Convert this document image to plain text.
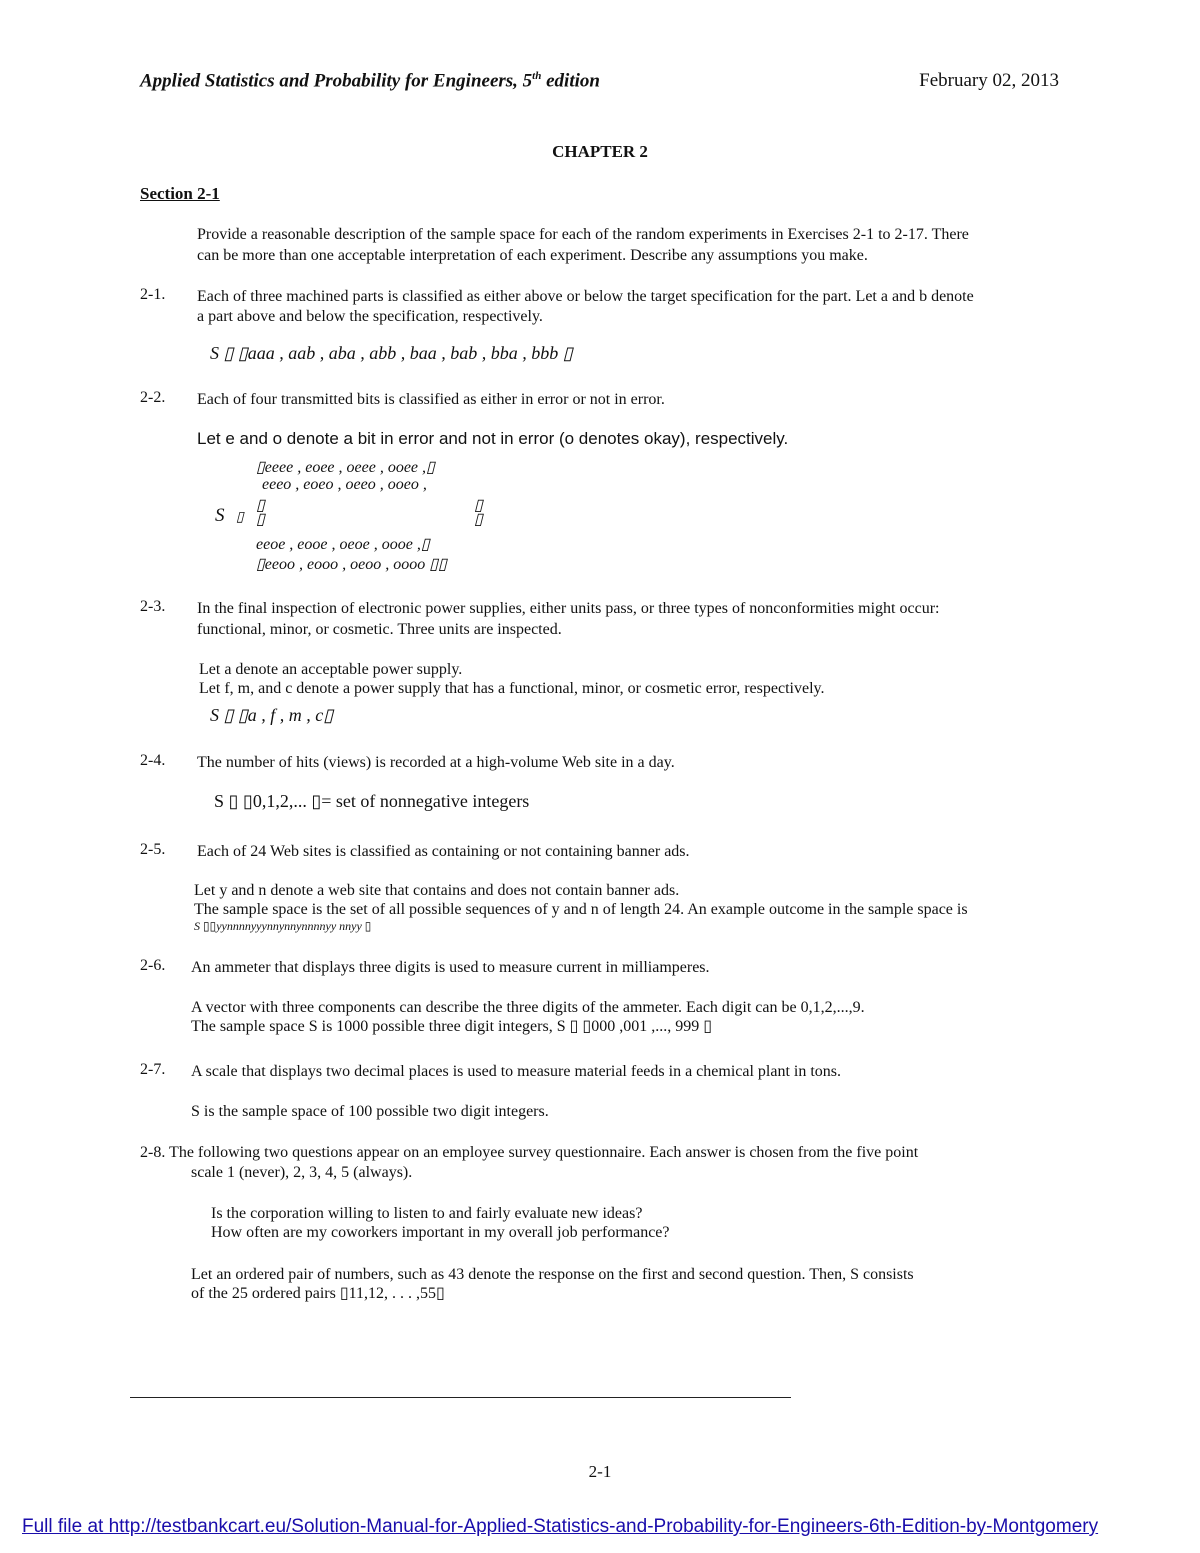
Applied Statistics and Probability for Engineers, 5th edition	February 02, 2013
CHAPTER 2
Section 2-1
Provide a reasonable description of the sample space for each of the random experiments in Exercises 2-1 to 2-17. There
can be more than one acceptable interpretation of each experiment. Describe any assumptions you make.
2-1. Each of three machined parts is classified as either above or below the target specification for the part. Let a and b denote
a part above and below the specification, respectively.
S ▯ ▯aaa , aab , aba , abb , baa , bab , bba , bbb ▯
2-2. Each of four transmitted bits is classified as either in error or not in error.
Let e and o denote a bit in error and not in error (o denotes okay), respectively.
▯eeee , eoee , oeee , ooee ,▯
eeeo , eoeo , oeeo , ooeo ,
▯	▯
S ▯ ▯	▯
eeoe , eooe , oeoe , oooe ,▯
▯eeoo , eooo , oeoo , oooo ▯▯
2-3. In the final inspection of electronic power supplies, either units pass, or three types of nonconformities might occur:
functional, minor, or cosmetic. Three units are inspected.
Let a denote an acceptable power supply.
Let f, m, and c denote a power supply that has a functional, minor, or cosmetic error, respectively.
S ▯ ▯a , f , m , c▯
2-4. The number of hits (views) is recorded at a high-volume Web site in a day.
S ▯ ▯0,1,2,... ▯= set of nonnegative integers
2-5. Each of 24 Web sites is classified as containing or not containing banner ads.
Let y and n denote a web site that contains and does not contain banner ads.
The sample space is the set of all possible sequences of y and n of length 24. An example outcome in the sample space is
S ▯▯yynnnnyyynnynnynnnnyy nnyy ▯
2-6. An ammeter that displays three digits is used to measure current in milliamperes.
A vector with three components can describe the three digits of the ammeter. Each digit can be 0,1,2,...,9.
The sample space S is 1000 possible three digit integers, S ▯ ▯000 ,001 ,..., 999 ▯
2-7. A scale that displays two decimal places is used to measure material feeds in a chemical plant in tons.
S is the sample space of 100 possible two digit integers.
2-8. The following two questions appear on an employee survey questionnaire. Each answer is chosen from the five point
scale 1 (never), 2, 3, 4, 5 (always).
Is the corporation willing to listen to and fairly evaluate new ideas?
How often are my coworkers important in my overall job performance?
Let an ordered pair of numbers, such as 43 denote the response on the first and second question. Then, S consists
of the 25 ordered pairs ▯11,12, . . . ,55▯
2-1
Full file at http://testbankcart.eu/Solution-Manual-for-Applied-Statistics-and-Probability-for-Engineers-6th-Edition-by-Montgomery
